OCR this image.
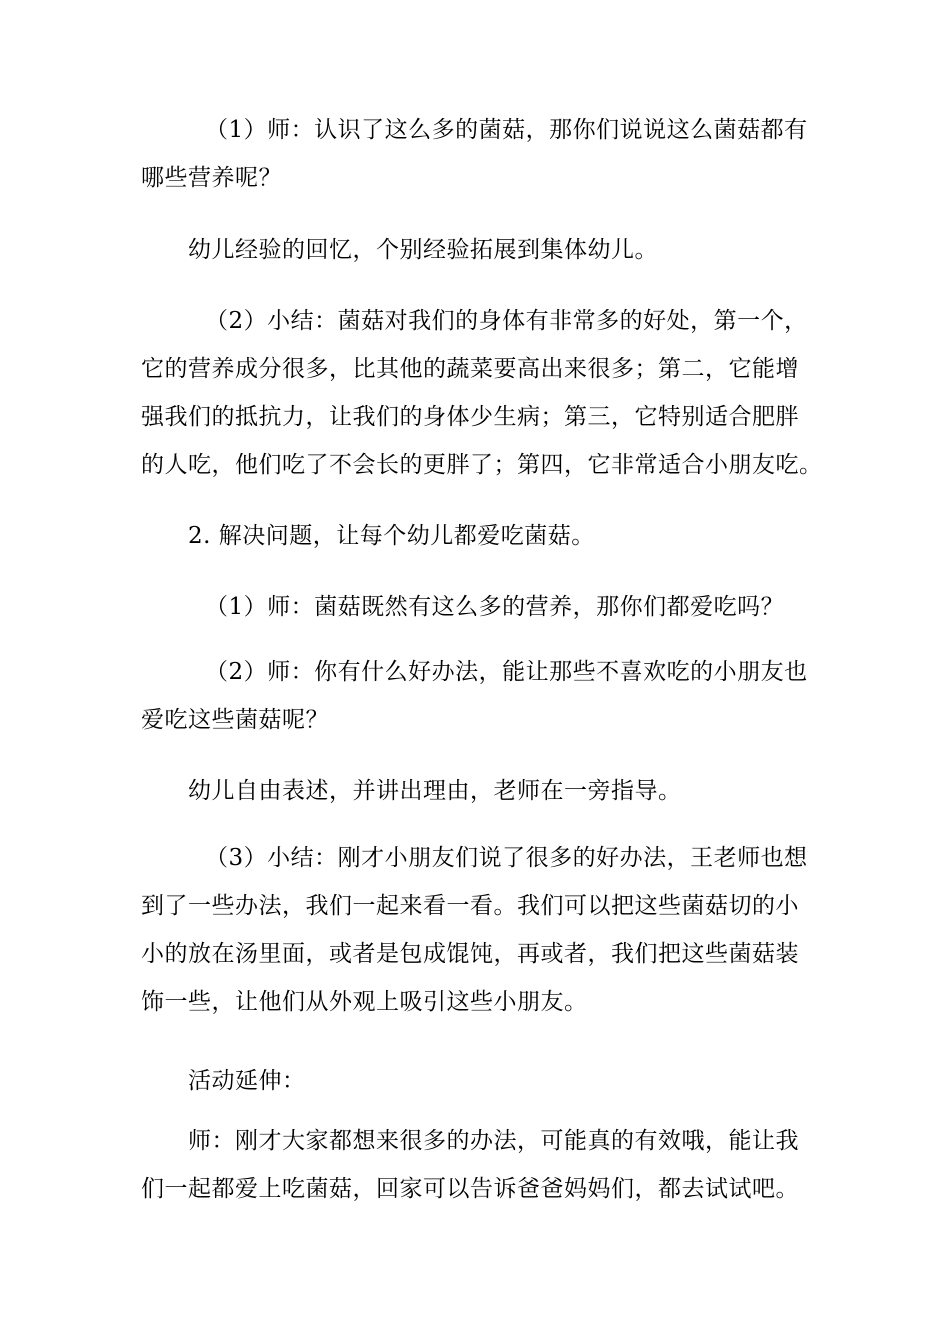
（1）师：认识了这么多的菌菇，那你们说说这么菌菇都有
哪些营养呢？
幼儿经验的回忆，个别经验拓展到集体幼儿。
（2）小结：菌菇对我们的身体有非常多的好处，第一个，
它的营养成分很多，比其他的蔬菜要高出来很多；第二，它能增
强我们的抵抗力，让我们的身体少生病；第三，它特别适合肥胖
的人吃，他们吃了不会长的更胖了；第四，它非常适合小朋友吃。
2. 解决问题，让每个幼儿都爱吃菌菇。
（1）师：菌菇既然有这么多的营养，那你们都爱吃吗？
（2）师：你有什么好办法，能让那些不喜欢吃的小朋友也
爱吃这些菌菇呢？
幼儿自由表述，并讲出理由，老师在一旁指导。
（3）小结：刚才小朋友们说了很多的好办法，王老师也想
到了一些办法，我们一起来看一看。我们可以把这些菌菇切的小
小的放在汤里面，或者是包成馄饨，再或者，我们把这些菌菇装
饰一些，让他们从外观上吸引这些小朋友。
活动延伸：
师：刚才大家都想来很多的办法，可能真的有效哦，能让我
们一起都爱上吃菌菇，回家可以告诉爸爸妈妈们，都去试试吧。
